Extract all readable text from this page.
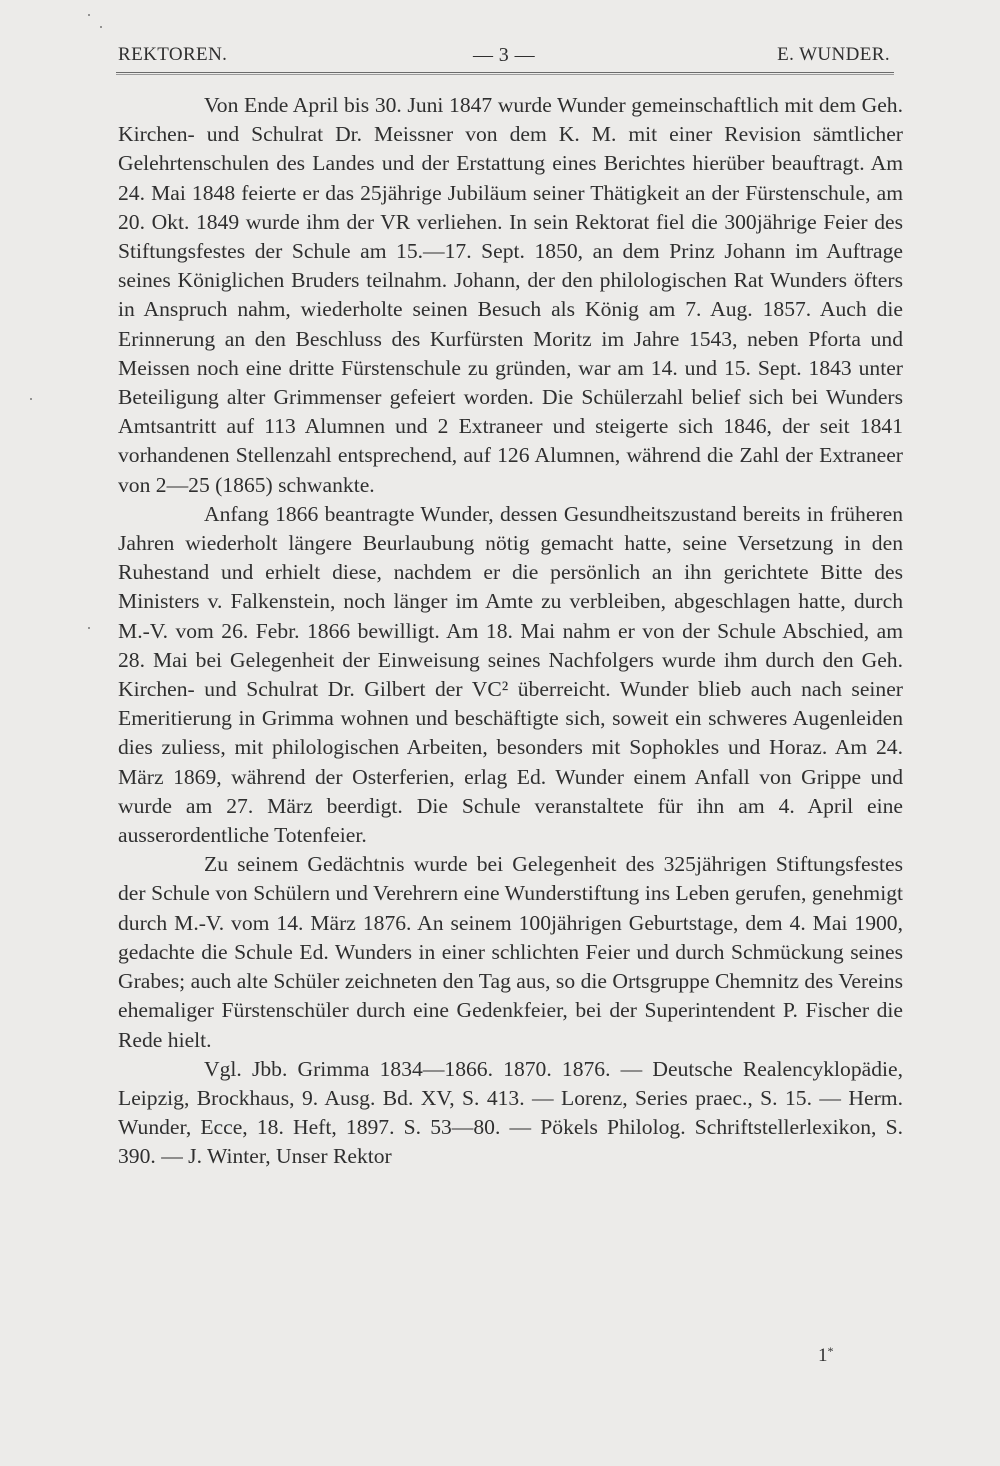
REKTOREN.	— 3 —	E. WUNDER.

Von Ende April bis 30. Juni 1847 wurde Wunder gemeinschaftlich mit dem Geh. Kirchen- und Schulrat Dr. Meissner von dem K. M. mit einer Revision sämtlicher Gelehrtenschulen des Landes und der Erstattung eines Berichtes hierüber beauftragt. Am 24. Mai 1848 feierte er das 25jährige Jubiläum seiner Thätigkeit an der Fürstenschule, am 20. Okt. 1849 wurde ihm der VR verliehen. In sein Rektorat fiel die 300jährige Feier des Stiftungsfestes der Schule am 15.—17. Sept. 1850, an dem Prinz Johann im Auftrage seines Königlichen Bruders teilnahm. Johann, der den philologischen Rat Wunders öfters in Anspruch nahm, wiederholte seinen Besuch als König am 7. Aug. 1857. Auch die Erinnerung an den Beschluss des Kurfürsten Moritz im Jahre 1543, neben Pforta und Meissen noch eine dritte Fürstenschule zu gründen, war am 14. und 15. Sept. 1843 unter Beteiligung alter Grimmenser gefeiert worden. Die Schülerzahl belief sich bei Wunders Amtsantritt auf 113 Alumnen und 2 Extraneer und steigerte sich 1846, der seit 1841 vorhandenen Stellenzahl entsprechend, auf 126 Alumnen, während die Zahl der Extraneer von 2—25 (1865) schwankte.

Anfang 1866 beantragte Wunder, dessen Gesundheitszustand bereits in früheren Jahren wiederholt längere Beurlaubung nötig gemacht hatte, seine Versetzung in den Ruhestand und erhielt diese, nachdem er die persönlich an ihn gerichtete Bitte des Ministers v. Falkenstein, noch länger im Amte zu verbleiben, abgeschlagen hatte, durch M.-V. vom 26. Febr. 1866 bewilligt. Am 18. Mai nahm er von der Schule Abschied, am 28. Mai bei Gelegenheit der Einweisung seines Nachfolgers wurde ihm durch den Geh. Kirchen- und Schulrat Dr. Gilbert der VC² überreicht. Wunder blieb auch nach seiner Emeritierung in Grimma wohnen und beschäftigte sich, soweit ein schweres Augenleiden dies zuliess, mit philologischen Arbeiten, besonders mit Sophokles und Horaz. Am 24. März 1869, während der Osterferien, erlag Ed. Wunder einem Anfall von Grippe und wurde am 27. März beerdigt. Die Schule veranstaltete für ihn am 4. April eine ausserordentliche Totenfeier.

Zu seinem Gedächtnis wurde bei Gelegenheit des 325jährigen Stiftungsfestes der Schule von Schülern und Verehrern eine Wunderstiftung ins Leben gerufen, genehmigt durch M.-V. vom 14. März 1876. An seinem 100jährigen Geburtstage, dem 4. Mai 1900, gedachte die Schule Ed. Wunders in einer schlichten Feier und durch Schmückung seines Grabes; auch alte Schüler zeichneten den Tag aus, so die Ortsgruppe Chemnitz des Vereins ehemaliger Fürstenschüler durch eine Gedenkfeier, bei der Superintendent P. Fischer die Rede hielt.

Vgl. Jbb. Grimma 1834—1866. 1870. 1876. — Deutsche Realencyklopädie, Leipzig, Brockhaus, 9. Ausg. Bd. XV, S. 413. — Lorenz, Series praec., S. 15. — Herm. Wunder, Ecce, 18. Heft, 1897. S. 53—80. — Pökels Philolog. Schriftstellerlexikon, S. 390. — J. Winter, Unser Rektor

1*
